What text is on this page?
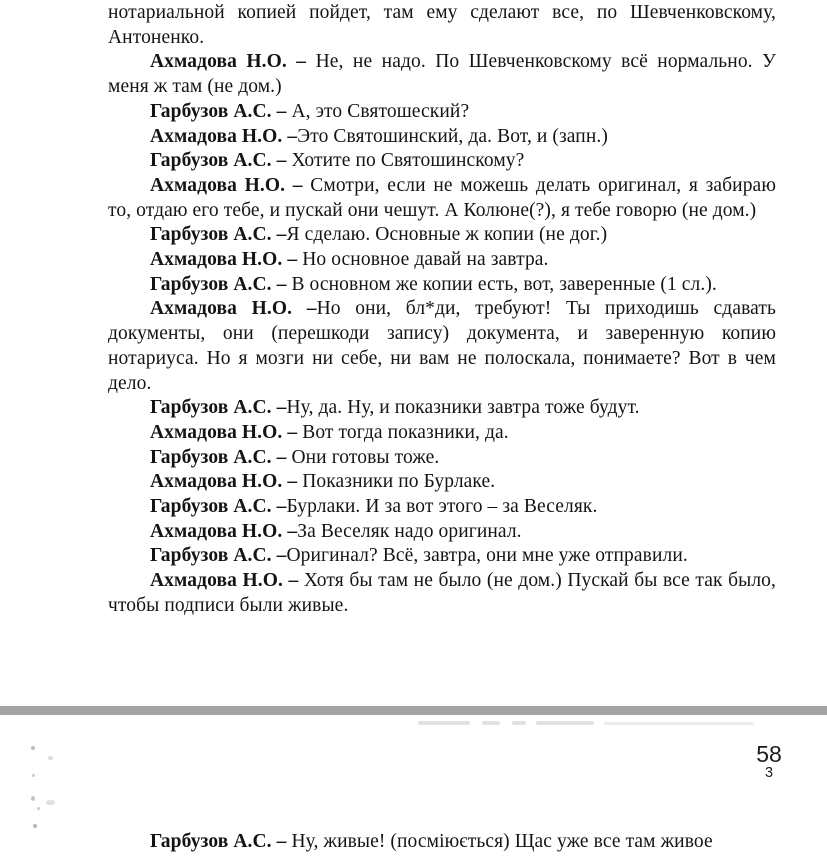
нотариальной копией пойдет, там ему сделают все, по Шевченковскому, Антоненко.

Ахмадова Н.О. – Не, не надо. По Шевченковскому всё нормально. У меня ж там (не дом.)

Гарбузов А.С. – А, это Святошеский?

Ахмадова Н.О. –Это Святошинский, да. Вот, и (запн.)

Гарбузов А.С. – Хотите по Святошинскому?

Ахмадова Н.О. – Смотри, если не можешь делать оригинал, я забираю то, отдаю его тебе, и пускай они чешут. А Колюне(?), я тебе говорю (не дом.)

Гарбузов А.С. –Я сделаю. Основные ж копии (не дог.)

Ахмадова Н.О. – Но основное давай на завтра.

Гарбузов А.С. – В основном же копии есть, вот, заверенные (1 сл.).

Ахмадова Н.О. –Но они, бл*ди, требуют! Ты приходишь сдавать документы, они (перешкоди запису) документа, и заверенную копию нотариуса. Но я мозги ни себе, ни вам не полоскала, понимаете? Вот в чем дело.

Гарбузов А.С. –Ну, да. Ну, и показники завтра тоже будут.

Ахмадова Н.О. – Вот тогда показники, да.

Гарбузов А.С. – Они готовы тоже.

Ахмадова Н.О. – Показники по Бурлаке.

Гарбузов А.С. –Бурлаки. И за вот этого – за Веселяк.

Ахмадова Н.О. –За Веселяк надо оригинал.

Гарбузов А.С. –Оригинал? Всё, завтра, они мне уже отправили.

Ахмадова Н.О. – Хотя бы там не было (не дом.) Пускай бы все так было, чтобы подписи были живые.

58
3

Гарбузов А.С. – Ну, живые! (посміюється) Щас уже все там живое
